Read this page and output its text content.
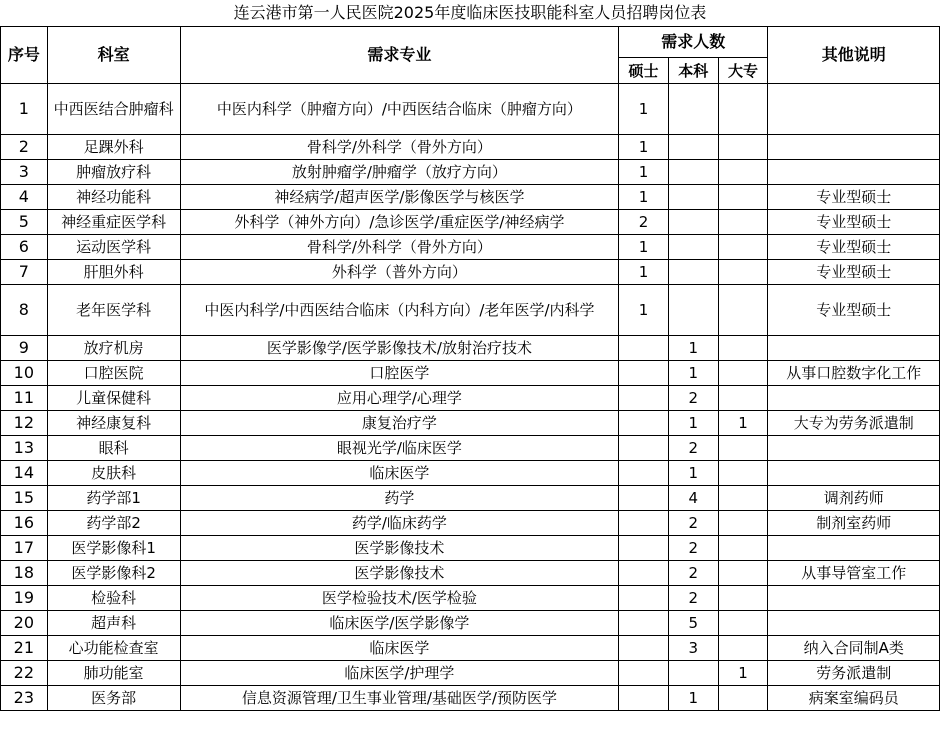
连云港市第一人民医院2025年度临床医技职能科室人员招聘岗位表
序号	科室	需求专业	需求人数			其他说明
			硕士	本科	大专	
1	中西医结合肿瘤科	中医内科学（肿瘤方向）/中西医结合临床（肿瘤方向）	1			
2	足踝外科	骨科学/外科学（骨外方向）	1			
3	肿瘤放疗科	放射肿瘤学/肿瘤学（放疗方向）	1			
4	神经功能科	神经病学/超声医学/影像医学与核医学	1			专业型硕士
5	神经重症医学科	外科学（神外方向）/急诊医学/重症医学/神经病学	2			专业型硕士
6	运动医学科	骨科学/外科学（骨外方向）	1			专业型硕士
7	肝胆外科	外科学（普外方向）	1			专业型硕士
8	老年医学科	中医内科学/中西医结合临床（内科方向）/老年医学/内科学	1			专业型硕士
9	放疗机房	医学影像学/医学影像技术/放射治疗技术		1		
10	口腔医院	口腔医学		1		从事口腔数字化工作
11	儿童保健科	应用心理学/心理学		2		
12	神经康复科	康复治疗学		1	1	大专为劳务派遣制
13	眼科	眼视光学/临床医学		2		
14	皮肤科	临床医学		1		
15	药学部1	药学		4		调剂药师
16	药学部2	药学/临床药学		2		制剂室药师
17	医学影像科1	医学影像技术		2		
18	医学影像科2	医学影像技术		2		从事导管室工作
19	检验科	医学检验技术/医学检验		2		
20	超声科	临床医学/医学影像学		5		
21	心功能检查室	临床医学		3		纳入合同制A类
22	肺功能室	临床医学/护理学			1	劳务派遣制
23	医务部	信息资源管理/卫生事业管理/基础医学/预防医学		1		病案室编码员
